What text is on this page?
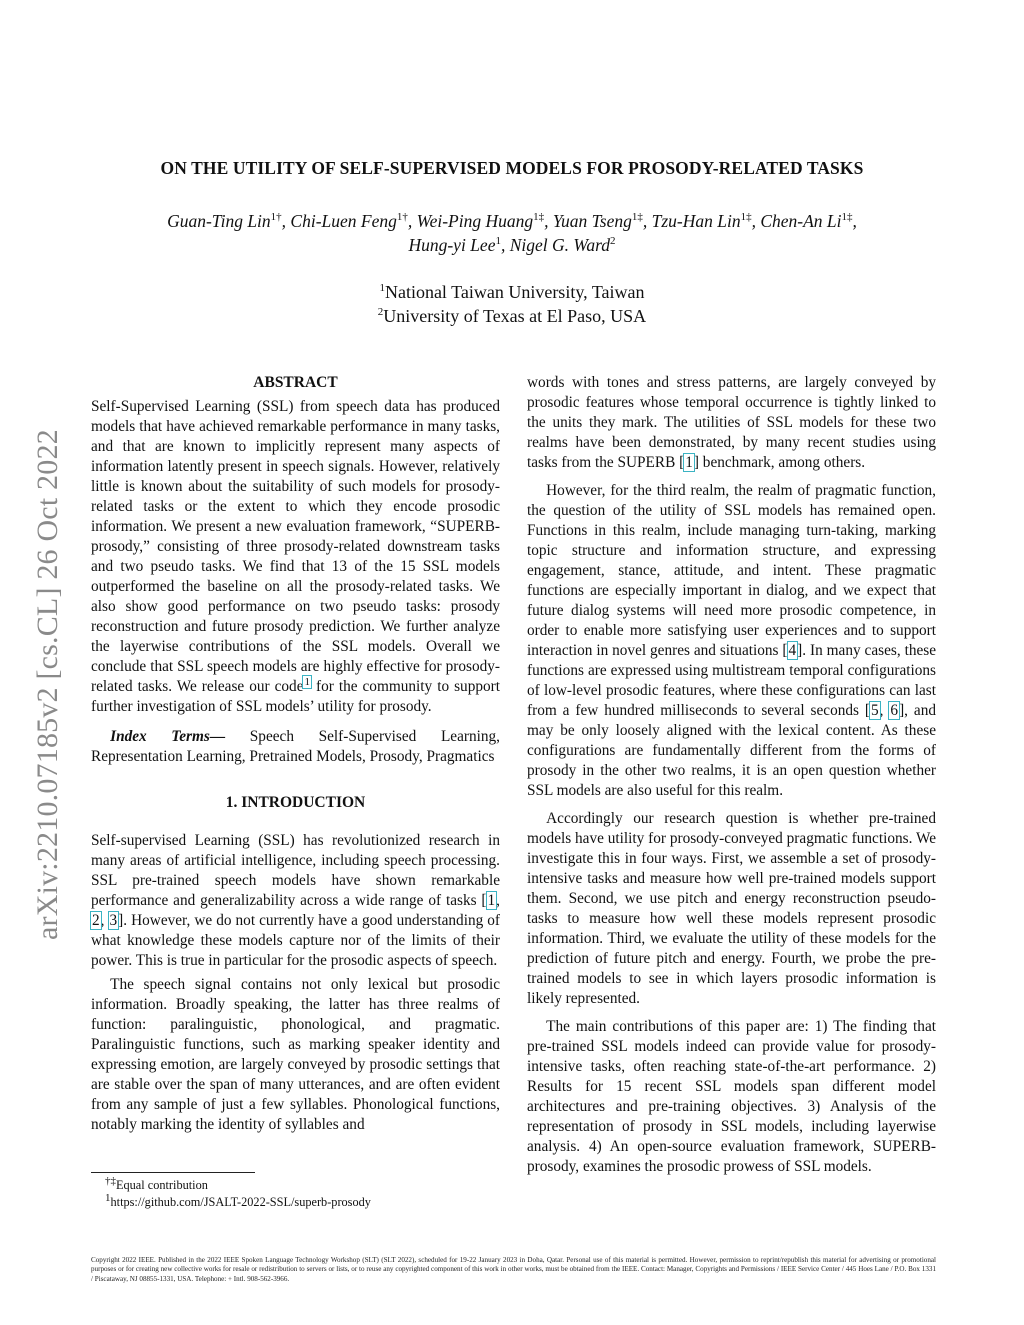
arXiv:2210.07185v2 [cs.CL] 26 Oct 2022
ON THE UTILITY OF SELF-SUPERVISED MODELS FOR PROSODY-RELATED TASKS
Guan-Ting Lin$^{1\dagger}$, Chi-Luen Feng$^{1\dagger}$, Wei-Ping Huang$^{1\ddagger}$, Yuan Tseng$^{1\ddagger}$, Tzu-Han Lin$^{1\ddagger}$, Chen-An $Li^{1\ddagger}$,
Hung-yi Lee$^1$, Nigel G. Ward$^2$
$^1$National Taiwan University, Taiwan
$^2$University of Texas at El Paso, USA

ABSTRACT

Self-Supervised Learning (SSL) from speech data has produced models that have achieved remarkable performance in many tasks, and that are known to implicitly represent many aspects of information latently present in speech signals. However, relatively little is known about the suitability of such models for prosody-related tasks or the extent to which they encode prosodic information. We present a new evaluation framework, “SUPERB-prosody,” consisting of three prosody-related downstream tasks and two pseudo tasks. We find that 13 of the 15 SSL models outperformed the baseline on all the prosody-related tasks. We also show good performance on two pseudo tasks: prosody reconstruction and future prosody prediction. We further analyze the layerwise contributions of the SSL models. Overall we conclude that SSL speech models are highly effective for prosody-related tasks. We release our code$^1$ for the community to support further investigation of SSL models’ utility for prosody.

Index Terms— Speech Self-Supervised Learning, Representation Learning, Pretrained Models, Prosody, Pragmatics

1. INTRODUCTION

Self-supervised Learning (SSL) has revolutionized research in many areas of artificial intelligence, including speech processing. SSL pre-trained speech models have shown remarkable performance and generalizability across a wide range of tasks [1, 2, 3]. However, we do not currently have a good understanding of what knowledge these models capture nor of the limits of their power. This is true in particular for the prosodic aspects of speech.

The speech signal contains not only lexical but prosodic information. Broadly speaking, the latter has three realms of function: paralinguistic, phonological, and pragmatic. Paralinguistic functions, such as marking speaker identity and expressing emotion, are largely conveyed by prosodic settings that are stable over the span of many utterances, and are often evident from any sample of just a few syllables. Phonological functions, notably marking the identity of syllables and

words with tones and stress patterns, are largely conveyed by prosodic features whose temporal occurrence is tightly linked to the units they mark. The utilities of SSL models for these two realms have been demonstrated, by many recent studies using tasks from the SUPERB [1] benchmark, among others.

However, for the third realm, the realm of pragmatic function, the question of the utility of SSL models has remained open. Functions in this realm, include managing turn-taking, marking topic structure and information structure, and expressing engagement, stance, attitude, and intent. These pragmatic functions are especially important in dialog, and we expect that future dialog systems will need more prosodic competence, in order to enable more satisfying user experiences and to support interaction in novel genres and situations [4]. In many cases, these functions are expressed using multistream temporal configurations of low-level prosodic features, where these configurations can last from a few hundred milliseconds to several seconds [5, 6], and may be only loosely aligned with the lexical content. As these configurations are fundamentally different from the forms of prosody in the other two realms, it is an open question whether SSL models are also useful for this realm.

Accordingly our research question is whether pre-trained models have utility for prosody-conveyed pragmatic functions. We investigate this in four ways. First, we assemble a set of prosody-intensive tasks and measure how well pre-trained models support them. Second, we use pitch and energy reconstruction pseudo-tasks to measure how well these models represent prosodic information. Third, we evaluate the utility of these models for the prediction of future pitch and energy. Fourth, we probe the pre-trained models to see in which layers prosodic information is likely represented.

The main contributions of this paper are: 1) The finding that pre-trained SSL models indeed can provide value for prosody-intensive tasks, often reaching state-of-the-art performance. 2) Results for 15 recent SSL models span different model architectures and pre-training objectives. 3) Analysis of the representation of prosody in SSL models, including layerwise analysis. 4) An open-source evaluation framework, SUPERB-prosody, examines the prosodic prowess of SSL models.

†‡Equal contribution
$^1$https://github.com/JSALT-2022-SSL/superb-prosody
Copyright 2022 IEEE. Published in the 2022 IEEE Spoken Language Technology Workshop (SLT) (SLT 2022), scheduled for 19-22 January 2023 in Doha, Qatar. Personal use of this material is permitted. However, permission to reprint/republish this material for advertising or promotional purposes or for creating new collective works for resale or redistribution to servers or lists, or to reuse any copyrighted component of this work in other works, must be obtained from the IEEE. Contact: Manager, Copyrights and Permissions / IEEE Service Center / 445 Hoes Lane / P.O. Box 1331 / Piscataway, NJ 08855-1331, USA. Telephone: + Intl. 908-562-3966.
